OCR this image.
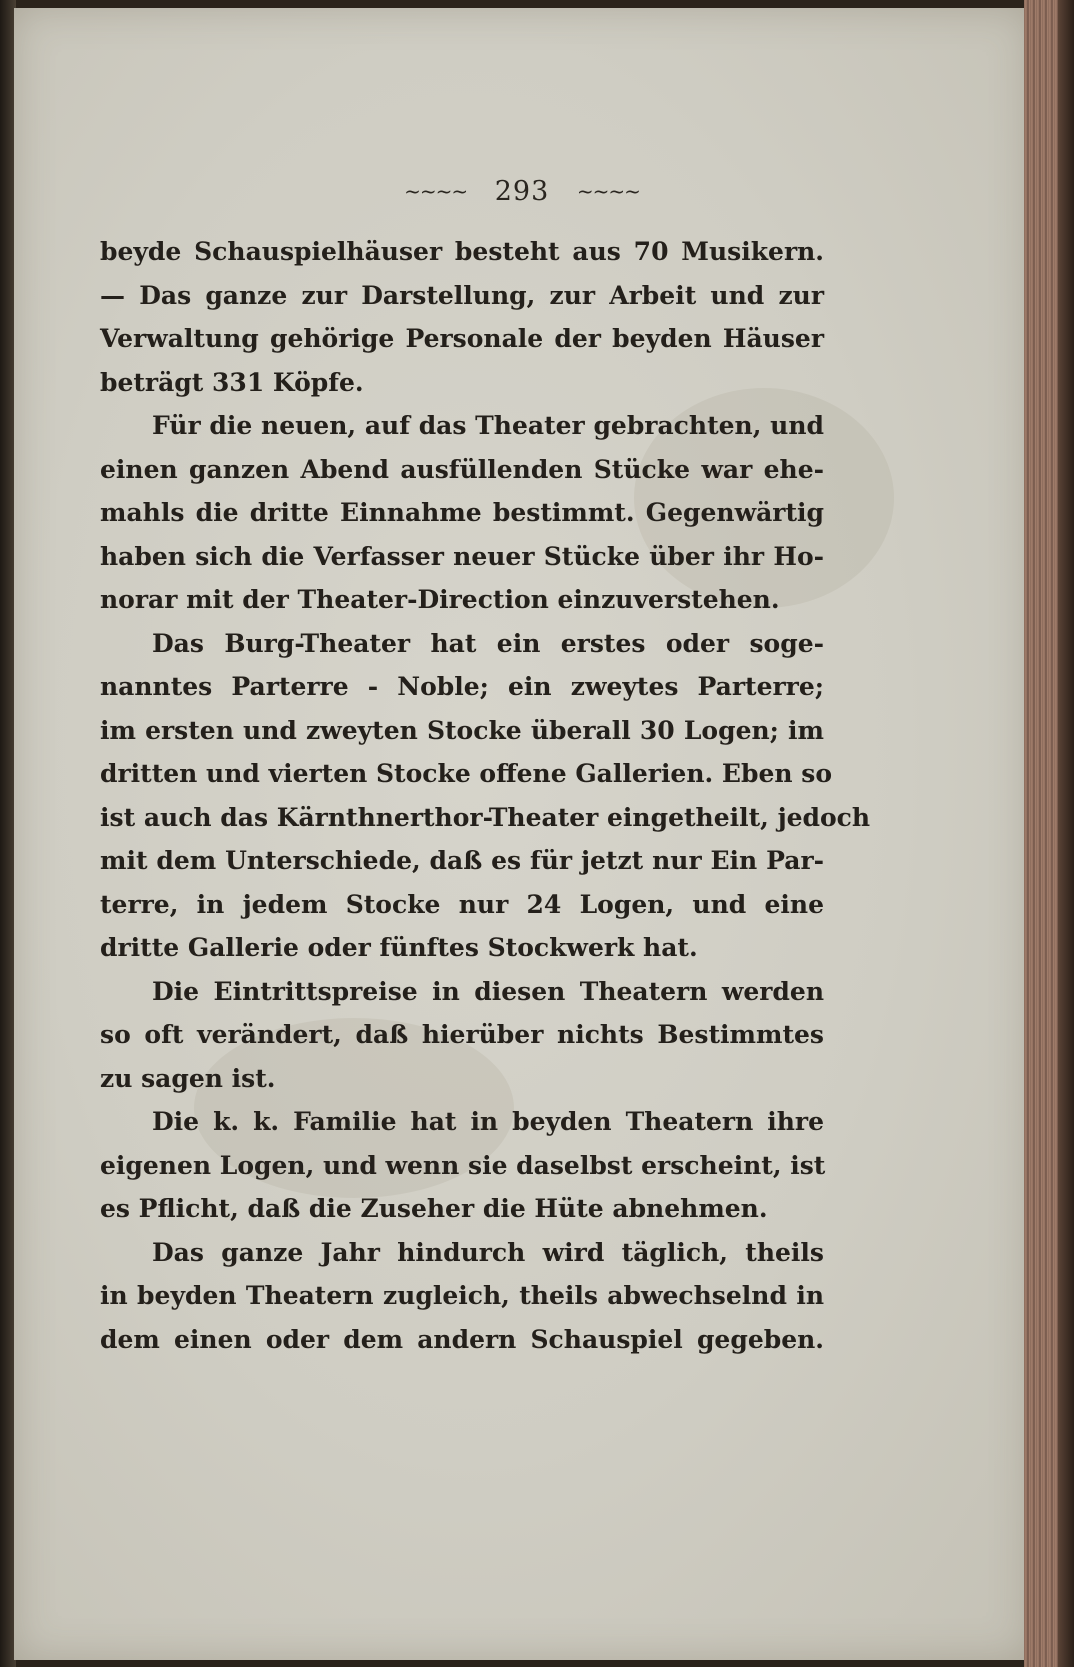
~~~~ 293 ~~~~
beyde Schauspielhäuser besteht aus 70 Musikern.
— Das ganze zur Darstellung, zur Arbeit und zur
Verwaltung gehörige Personale der beyden Häuser
beträgt 331 Köpfe.
Für die neuen, auf das Theater gebrachten, und
einen ganzen Abend ausfüllenden Stücke war ehe-
mahls die dritte Einnahme bestimmt. Gegenwärtig
haben sich die Verfasser neuer Stücke über ihr Ho-
norar mit der Theater-Direction einzuverstehen.
Das Burg-Theater hat ein erstes oder soge-
nanntes Parterre - Noble; ein zweytes Parterre;
im ersten und zweyten Stocke überall 30 Logen; im
dritten und vierten Stocke offene Gallerien. Eben so
ist auch das Kärnthnerthor-Theater eingetheilt, jedoch
mit dem Unterschiede, daß es für jetzt nur Ein Par-
terre, in jedem Stocke nur 24 Logen, und eine
dritte Gallerie oder fünftes Stockwerk hat.
Die Eintrittspreise in diesen Theatern werden
so oft verändert, daß hierüber nichts Bestimmtes
zu sagen ist.
Die k. k. Familie hat in beyden Theatern ihre
eigenen Logen, und wenn sie daselbst erscheint, ist
es Pflicht, daß die Zuseher die Hüte abnehmen.
Das ganze Jahr hindurch wird täglich, theils
in beyden Theatern zugleich, theils abwechselnd in
dem einen oder dem andern Schauspiel gegeben.
